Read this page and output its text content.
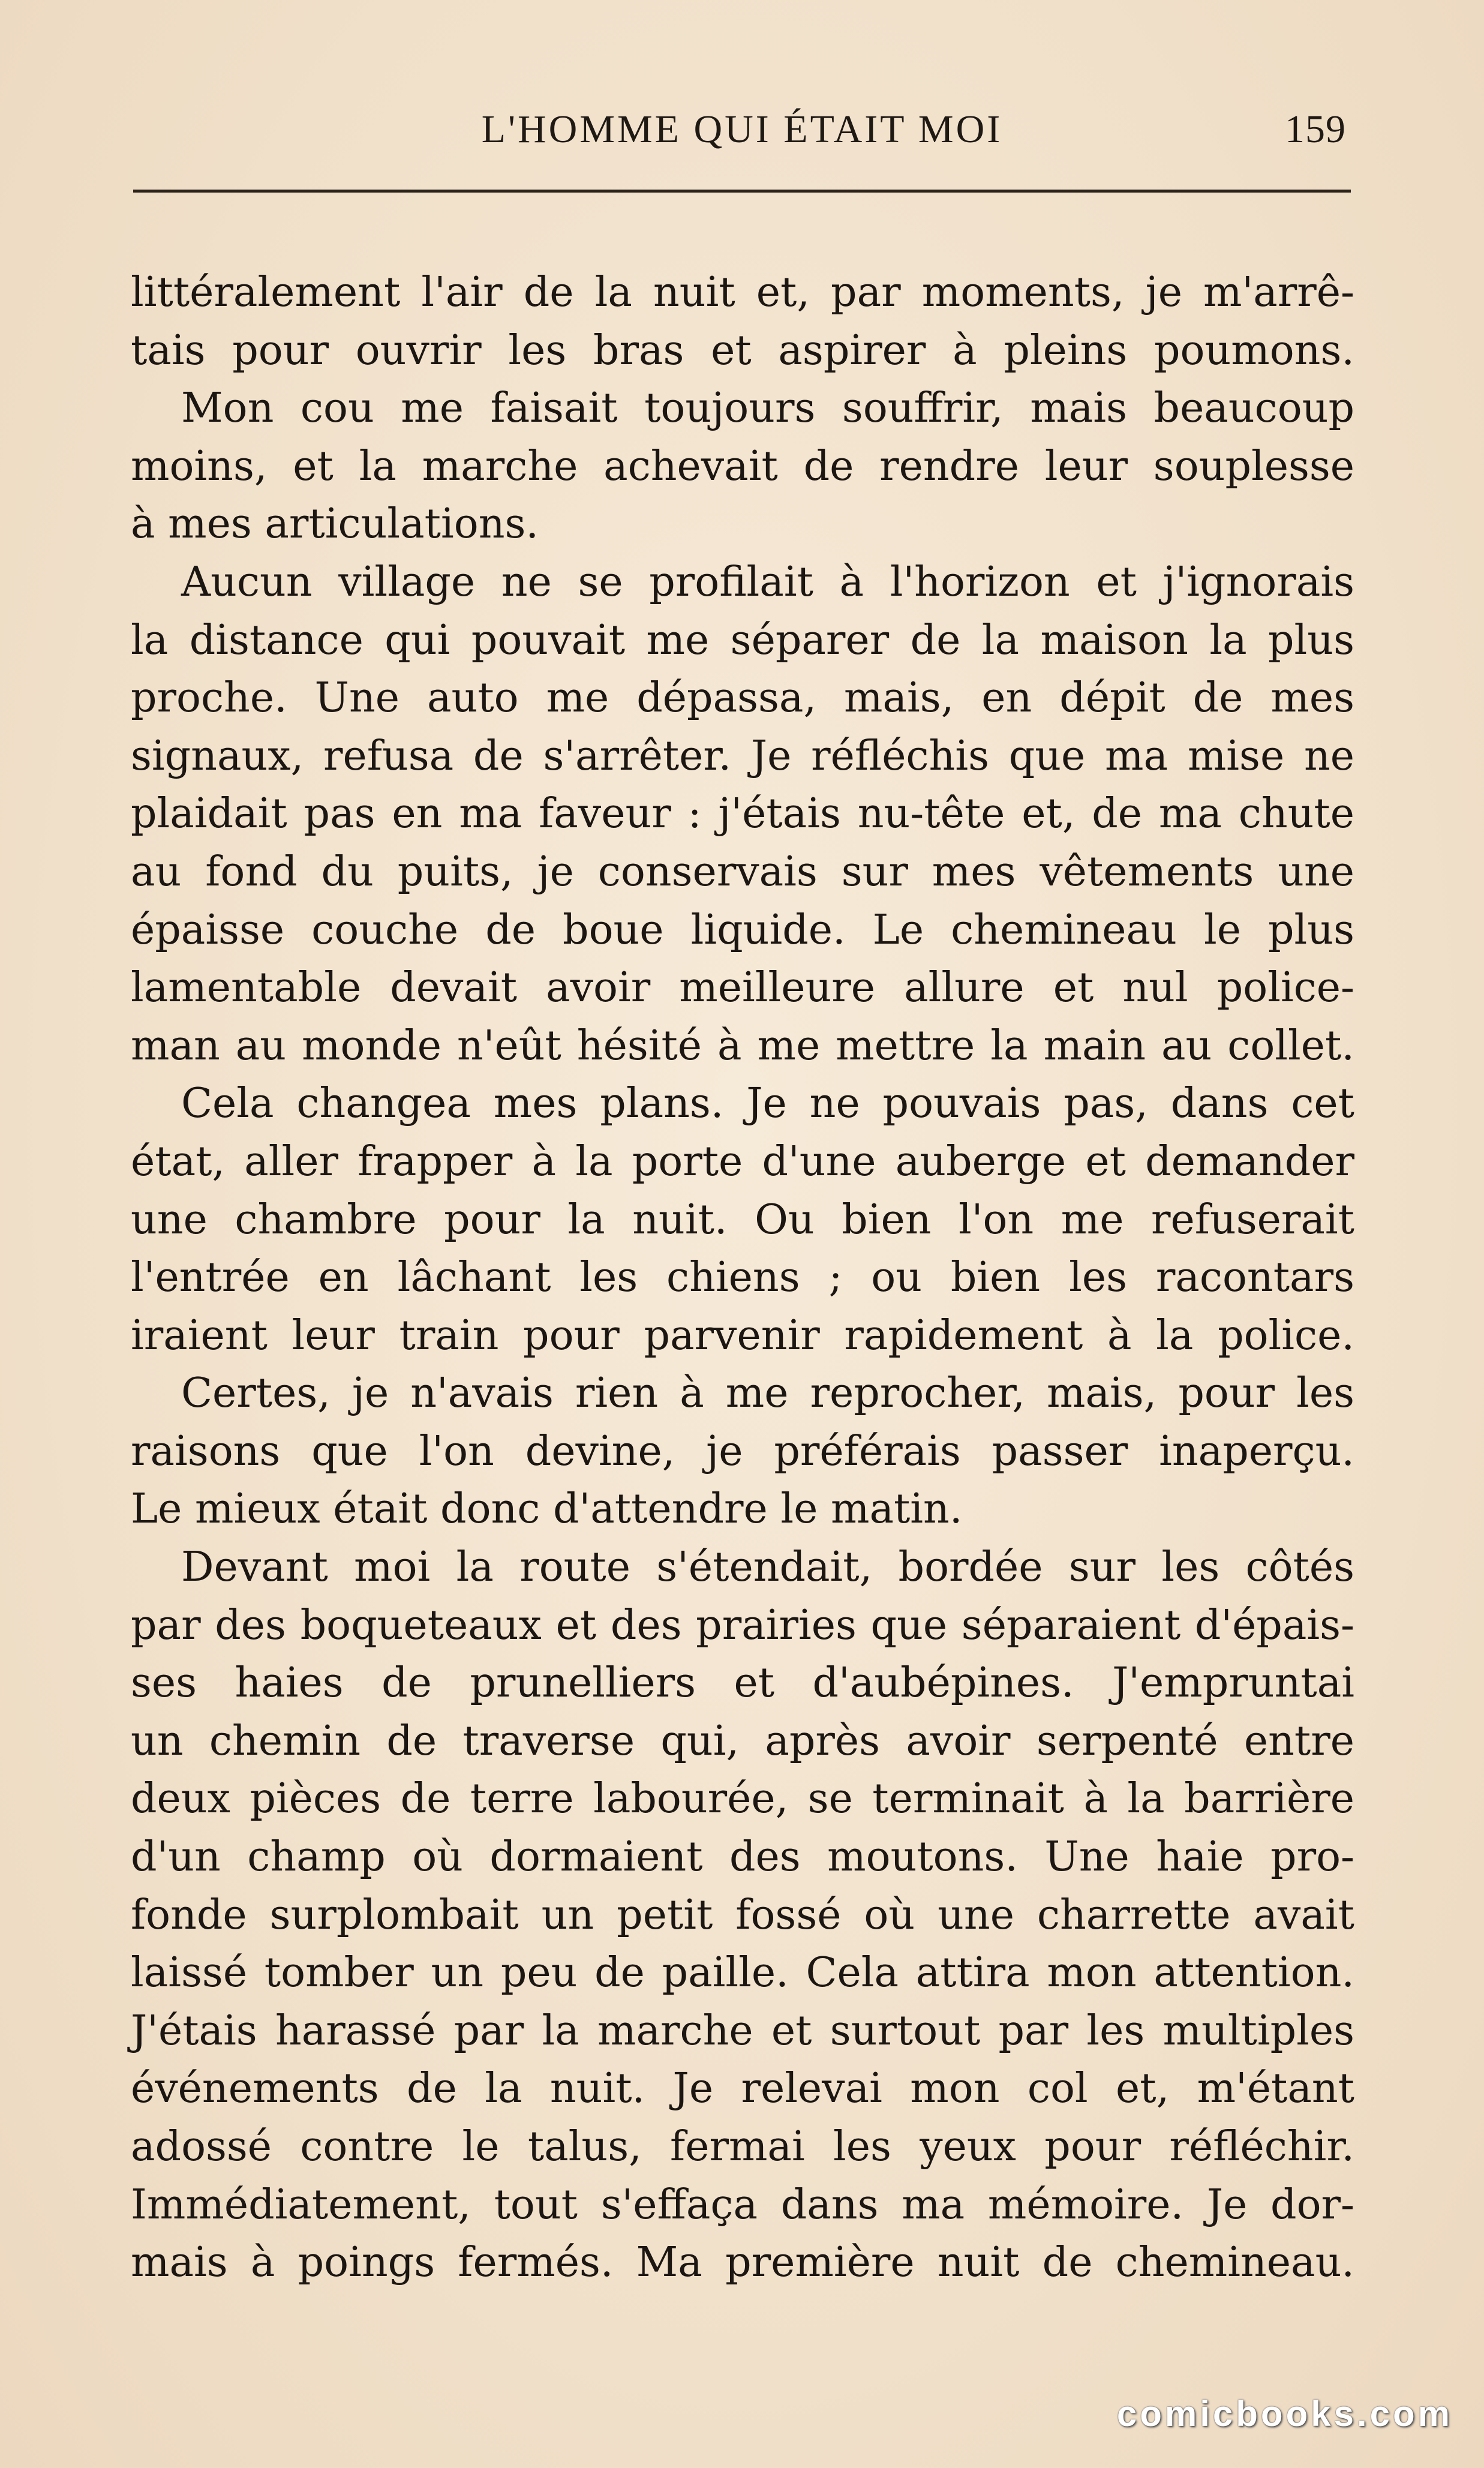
L'HOMME QUI ÉTAIT MOI	159
littéralement l'air de la nuit et, par moments, je m'arrê-
tais pour ouvrir les bras et aspirer à pleins poumons.
Mon cou me faisait toujours souffrir, mais beaucoup
moins, et la marche achevait de rendre leur souplesse
à mes articulations.
Aucun village ne se profilait à l'horizon et j'ignorais
la distance qui pouvait me séparer de la maison la plus
proche. Une auto me dépassa, mais, en dépit de mes
signaux, refusa de s'arrêter. Je réfléchis que ma mise ne
plaidait pas en ma faveur : j'étais nu-tête et, de ma chute
au fond du puits, je conservais sur mes vêtements une
épaisse couche de boue liquide. Le chemineau le plus
lamentable devait avoir meilleure allure et nul police-
man au monde n'eût hésité à me mettre la main au collet.
Cela changea mes plans. Je ne pouvais pas, dans cet
état, aller frapper à la porte d'une auberge et demander
une chambre pour la nuit. Ou bien l'on me refuserait
l'entrée en lâchant les chiens ; ou bien les racontars
iraient leur train pour parvenir rapidement à la police.
Certes, je n'avais rien à me reprocher, mais, pour les
raisons que l'on devine, je préférais passer inaperçu.
Le mieux était donc d'attendre le matin.
Devant moi la route s'étendait, bordée sur les côtés
par des boqueteaux et des prairies que séparaient d'épais-
ses haies de prunelliers et d'aubépines. J'empruntai
un chemin de traverse qui, après avoir serpenté entre
deux pièces de terre labourée, se terminait à la barrière
d'un champ où dormaient des moutons. Une haie pro-
fonde surplombait un petit fossé où une charrette avait
laissé tomber un peu de paille. Cela attira mon attention.
J'étais harassé par la marche et surtout par les multiples
événements de la nuit. Je relevai mon col et, m'étant
adossé contre le talus, fermai les yeux pour réfléchir.
Immédiatement, tout s'effaça dans ma mémoire. Je dor-
mais à poings fermés. Ma première nuit de chemineau.
comicbooks.com
